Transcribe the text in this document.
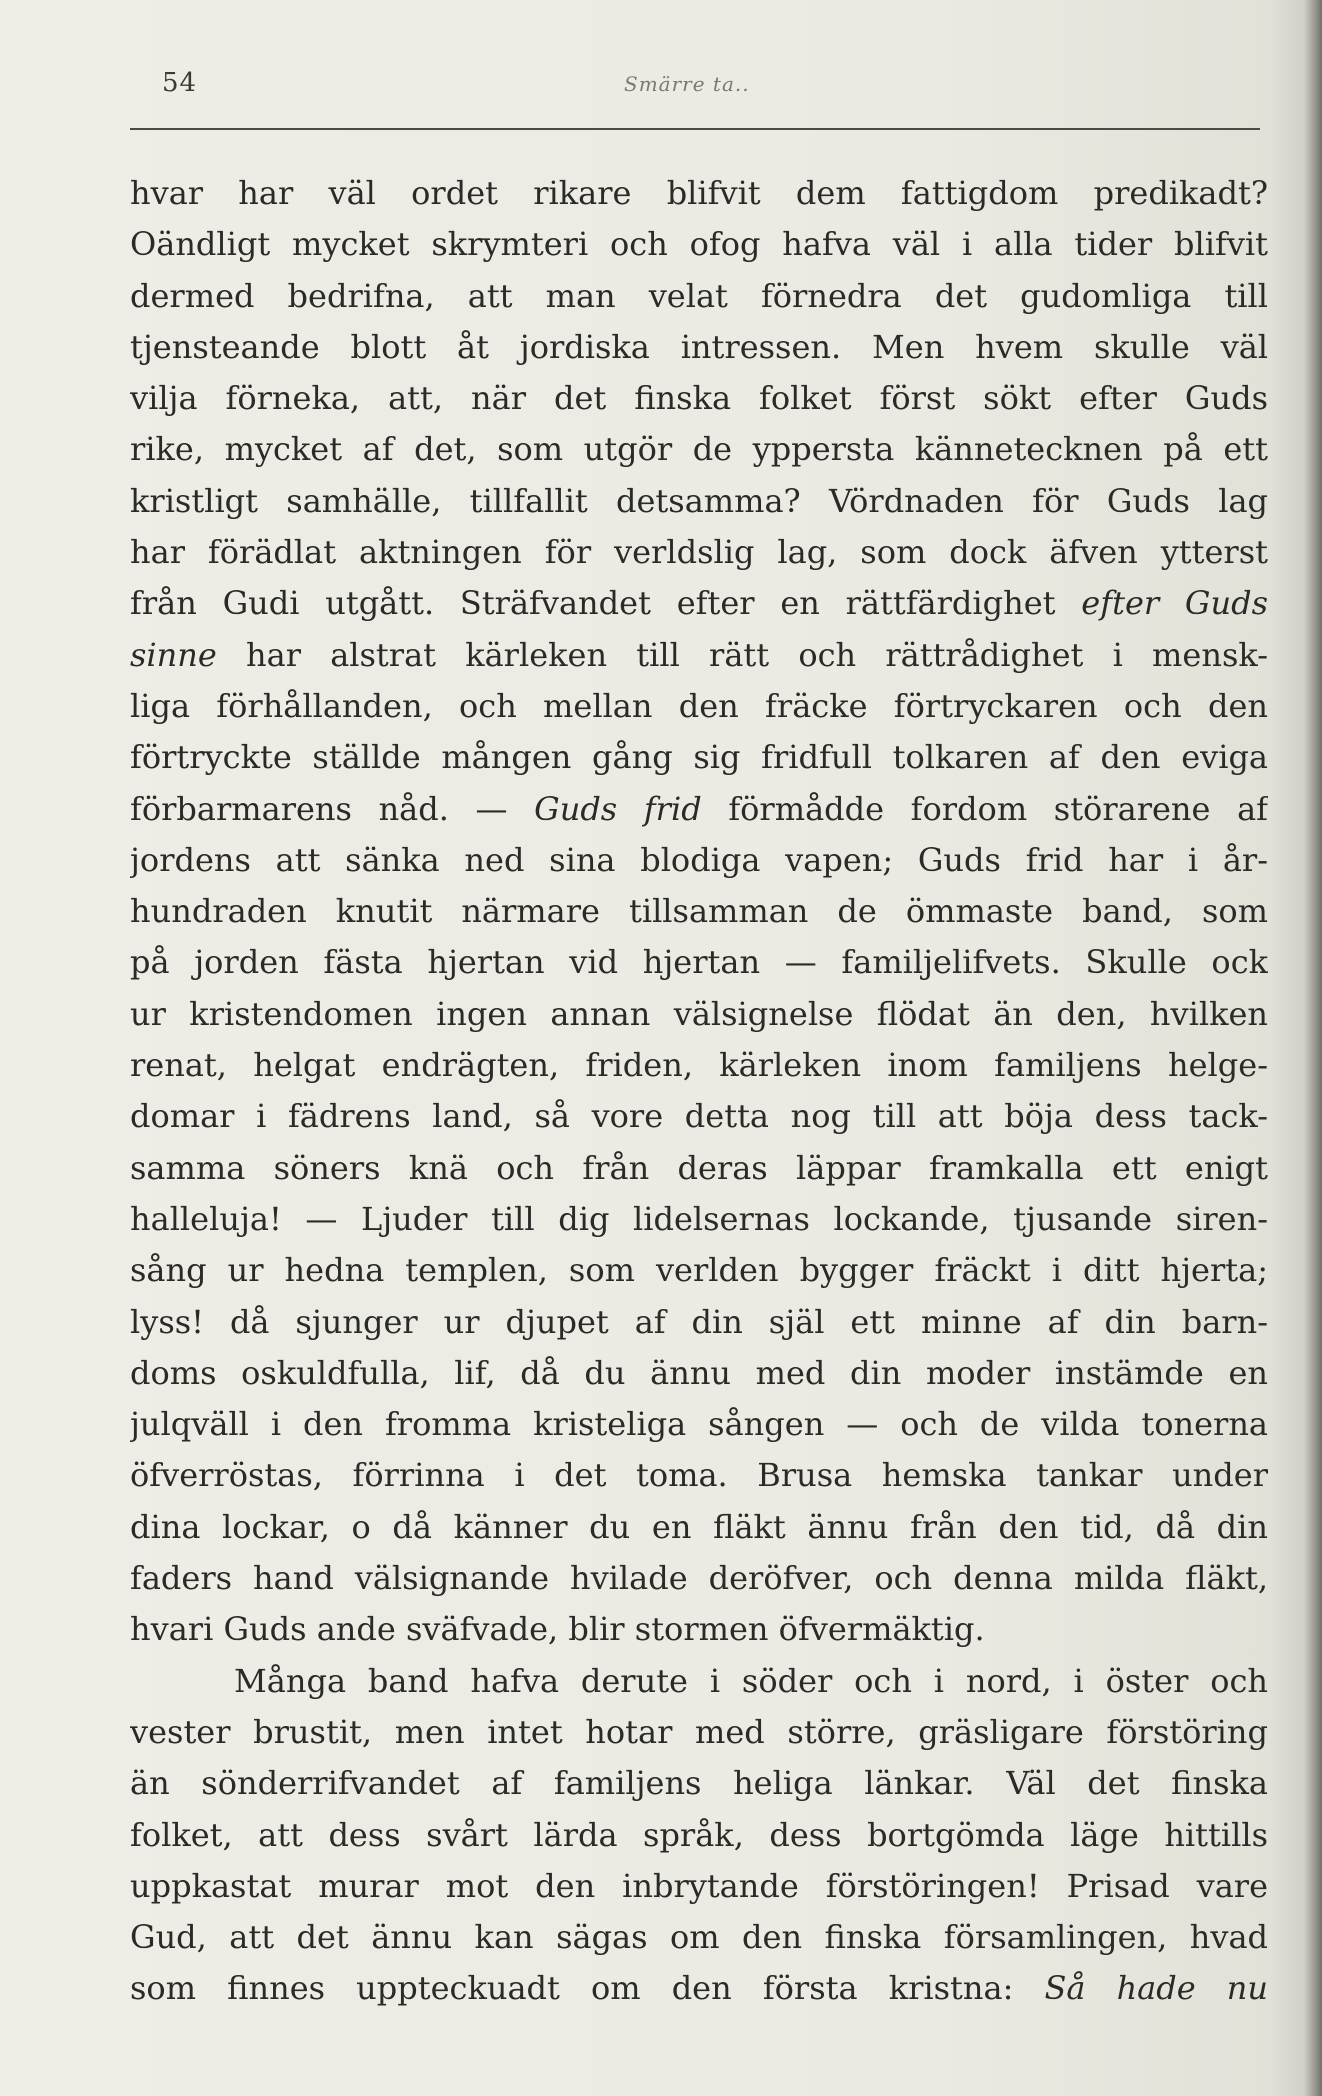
54	Smärre ta..
hvar har väl ordet rikare blifvit dem fattigdom predikadt?
Oändligt mycket skrymteri och ofog hafva väl i alla tider blifvit
dermed bedrifna, att man velat förnedra det gudomliga till
tjensteande blott åt jordiska intressen. Men hvem skulle väl
vilja förneka, att, när det finska folket först sökt efter Guds
rike, mycket af det, som utgör de yppersta kännetecknen på ett
kristligt samhälle, tillfallit detsamma? Vördnaden för Guds lag
har förädlat aktningen för verldslig lag, som dock äfven ytterst
från Gudi utgått. Sträfvandet efter en rättfärdighet efter Guds
sinne har alstrat kärleken till rätt och rättrådighet i mensk-
liga förhållanden, och mellan den fräcke förtryckaren och den
förtryckte ställde mången gång sig fridfull tolkaren af den eviga
förbarmarens nåd. — Guds frid förmådde fordom störarene af
jordens att sänka ned sina blodiga vapen; Guds frid har i år-
hundraden knutit närmare tillsamman de ömmaste band, som
på jorden fästa hjertan vid hjertan — familjelifvets. Skulle ock
ur kristendomen ingen annan välsignelse flödat än den, hvilken
renat, helgat endrägten, friden, kärleken inom familjens helge-
domar i fädrens land, så vore detta nog till att böja dess tack-
samma söners knä och från deras läppar framkalla ett enigt
halleluja! — Ljuder till dig lidelsernas lockande, tjusande siren-
sång ur hedna templen, som verlden bygger fräckt i ditt hjerta;
lyss! då sjunger ur djupet af din själ ett minne af din barn-
doms oskuldfulla, lif, då du ännu med din moder instämde en
julqväll i den fromma kristeliga sången — och de vilda tonerna
öfverröstas, förrinna i det toma. Brusa hemska tankar under
dina lockar, o då känner du en fläkt ännu från den tid, då din
faders hand välsignande hvilade deröfver, och denna milda fläkt,
hvari Guds ande sväfvade, blir stormen öfvermäktig.
Många band hafva derute i söder och i nord, i öster och
vester brustit, men intet hotar med större, gräsligare förstöring
än sönderrifvandet af familjens heliga länkar. Väl det finska
folket, att dess svårt lärda språk, dess bortgömda läge hittills
uppkastat murar mot den inbrytande förstöringen! Prisad vare
Gud, att det ännu kan sägas om den finska församlingen, hvad
som finnes uppteckuadt om den första kristna: Så hade nu
